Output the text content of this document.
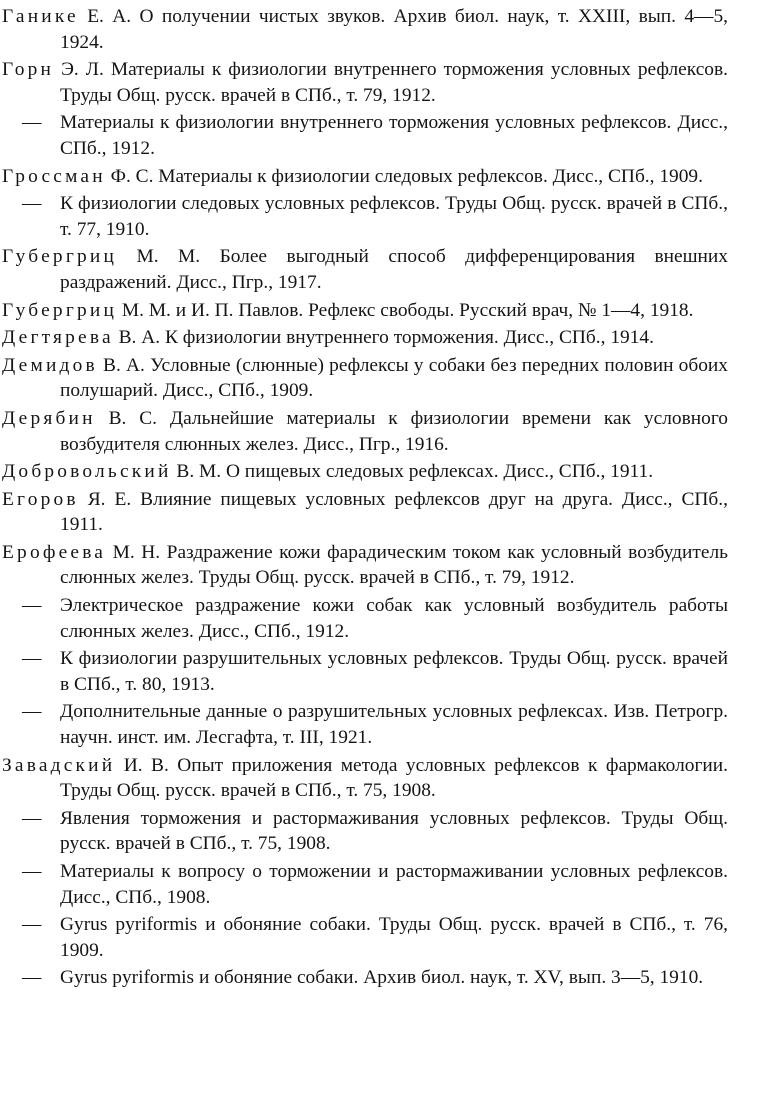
Ганике Е. А. О получении чистых звуков. Архив биол. наук, т. XXIII, вып. 4—5, 1924.

Горн Э. Л. Материалы к физиологии внутреннего торможения условных рефлексов. Труды Общ. русск. врачей в СПб., т. 79, 1912.

— Материалы к физиологии внутреннего торможения условных рефлексов. Дисс., СПб., 1912.

Гроссман Ф. С. Материалы к физиологии следовых рефлексов. Дисс., СПб., 1909.

— К физиологии следовых условных рефлексов. Труды Общ. русск. врачей в СПб., т. 77, 1910.

Губергриц М. М. Более выгодный способ дифференцирования внешних раздражений. Дисс., Пгр., 1917.

Губергриц М. М. и И. П. Павлов. Рефлекс свободы. Русский врач, № 1—4, 1918.

Дегтярева В. А. К физиологии внутреннего торможения. Дисс., СПб., 1914.

Демидов В. А. Условные (слюнные) рефлексы у собаки без передних половин обоих полушарий. Дисс., СПб., 1909.

Дерябин В. С. Дальнейшие материалы к физиологии времени как условного возбудителя слюнных желез. Дисс., Пгр., 1916.

Добровольский В. М. О пищевых следовых рефлексах. Дисс., СПб., 1911.

Егоров Я. Е. Влияние пищевых условных рефлексов друг на друга. Дисс., СПб., 1911.

Ерофеева М. Н. Раздражение кожи фарадическим током как условный возбудитель слюнных желез. Труды Общ. русск. врачей в СПб., т. 79, 1912.

— Электрическое раздражение кожи собак как условный возбудитель работы слюнных желез. Дисс., СПб., 1912.

— К физиологии разрушительных условных рефлексов. Труды Общ. русск. врачей в СПб., т. 80, 1913.

— Дополнительные данные о разрушительных условных рефлексах. Изв. Петрогр. научн. инст. им. Лесгафта, т. III, 1921.

Завадский И. В. Опыт приложения метода условных рефлексов к фармакологии. Труды Общ. русск. врачей в СПб., т. 75, 1908.

— Явления торможения и растормаживания условных рефлексов. Труды Общ. русск. врачей в СПб., т. 75, 1908.

— Материалы к вопросу о торможении и растормаживании условных рефлексов. Дисс., СПб., 1908.

— Gyrus pyriformis и обоняние собаки. Труды Общ. русск. врачей в СПб., т. 76, 1909.

— Gyrus pyriformis и обоняние собаки. Архив биол. наук, т. XV, вып. 3—5, 1910.
